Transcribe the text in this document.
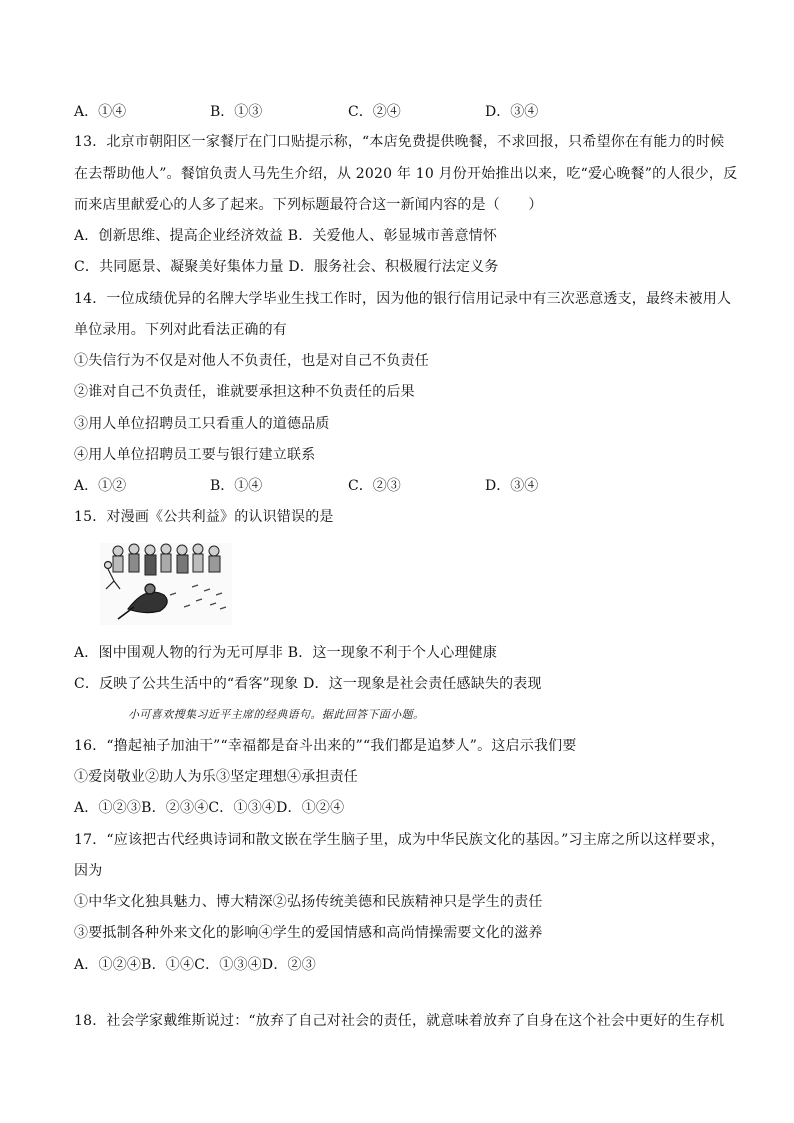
A．①④	B．①③	C．②④	D．③④
13．北京市朝阳区一家餐厅在门口贴提示称，“本店免费提供晚餐，不求回报，只希望你在有能力的时候
在去帮助他人”。餐馆负责人马先生介绍，从 2020 年 10 月份开始推出以来，吃“爱心晚餐”的人很少，反
而来店里献爱心的人多了起来。下列标题最符合这一新闻内容的是（　　）
A．创新思维、提高企业经济效益 B．关爱他人、彰显城市善意情怀
C．共同愿景、凝聚美好集体力量 D．服务社会、积极履行法定义务
14．一位成绩优异的名牌大学毕业生找工作时，因为他的银行信用记录中有三次恶意透支，最终未被用人
单位录用。下列对此看法正确的有
①失信行为不仅是对他人不负责任，也是对自己不负责任
②谁对自己不负责任，谁就要承担这种不负责任的后果
③用人单位招聘员工只看重人的道德品质
④用人单位招聘员工要与银行建立联系
A．①②	B．①④	C．②③	D．③④
15．对漫画《公共利益》的认识错误的是
A．图中围观人物的行为无可厚非 B．这一现象不利于个人心理健康
C．反映了公共生活中的“看客”现象 D．这一现象是社会责任感缺失的表现
小可喜欢搜集习近平主席的经典语句。据此回答下面小题。
16．“撸起袖子加油干”“幸福都是奋斗出来的”“我们都是追梦人”。这启示我们要
①爱岗敬业②助人为乐③坚定理想④承担责任
A．①②③B．②③④C．①③④D．①②④
17．“应该把古代经典诗词和散文嵌在学生脑子里，成为中华民族文化的基因。”习主席之所以这样要求，
因为
①中华文化独具魅力、博大精深②弘扬传统美德和民族精神只是学生的责任
③要抵制各种外来文化的影响④学生的爱国情感和高尚情操需要文化的滋养
A．①②④B．①④C．①③④D．②③
18．社会学家戴维斯说过：“放弃了自己对社会的责任，就意味着放弃了自身在这个社会中更好的生存机
